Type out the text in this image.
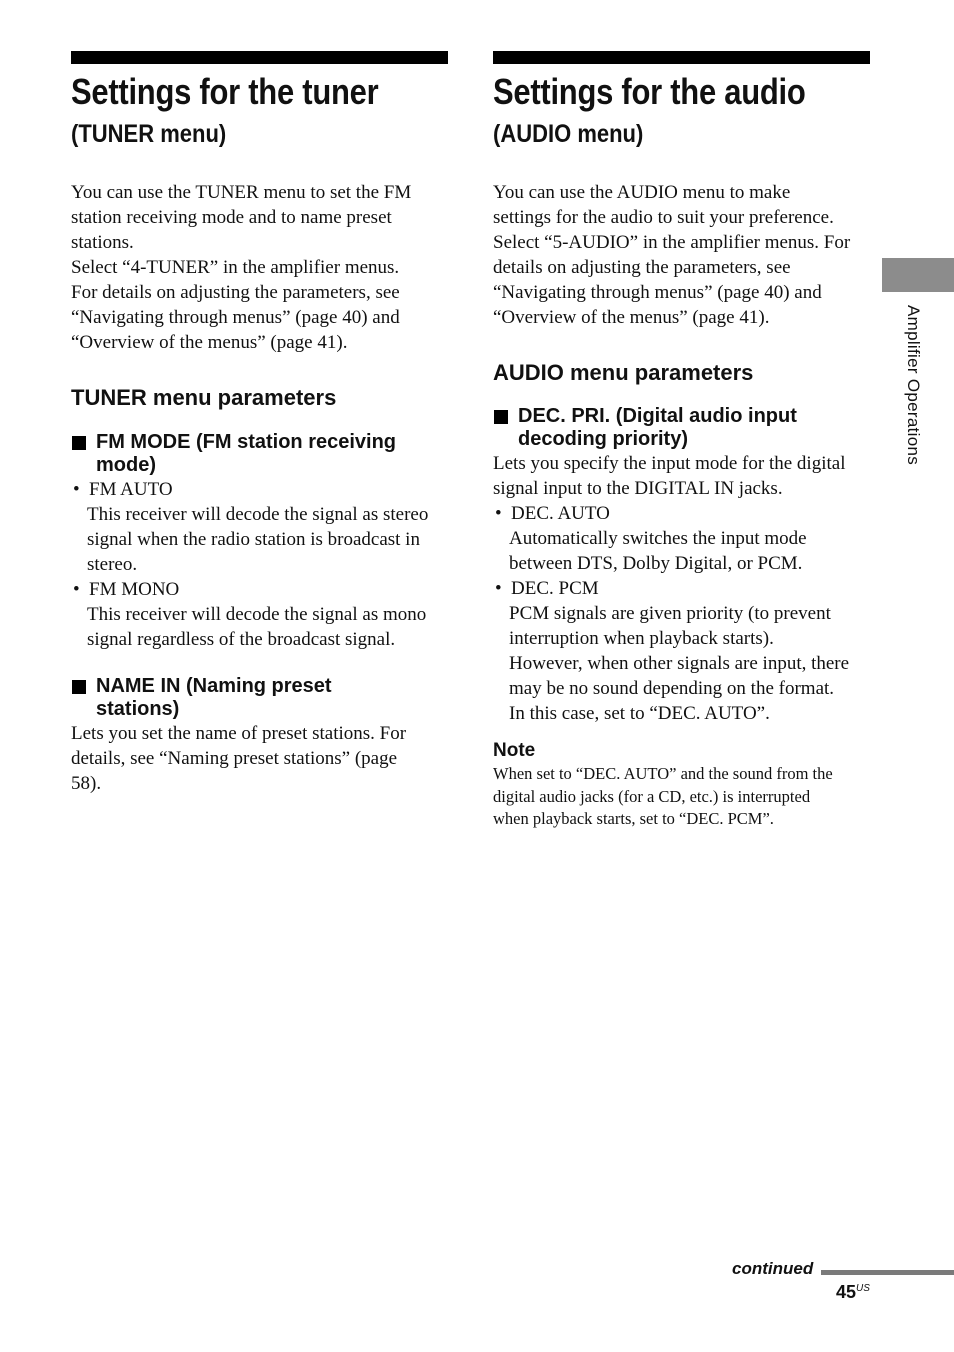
Settings for the tuner
(TUNER menu)
You can use the TUNER menu to set the FM
station receiving mode and to name preset
stations.
Select “4-TUNER” in the amplifier menus.
For details on adjusting the parameters, see
“Navigating through menus” (page 40) and
“Overview of the menus” (page 41).
TUNER menu parameters
FM MODE (FM station receiving
mode)
• FM AUTO
This receiver will decode the signal as stereo
signal when the radio station is broadcast in
stereo.
• FM MONO
This receiver will decode the signal as mono
signal regardless of the broadcast signal.
NAME IN (Naming preset
stations)
Lets you set the name of preset stations. For
details, see “Naming preset stations” (page
58).
Settings for the audio
(AUDIO menu)
You can use the AUDIO menu to make
settings for the audio to suit your preference.
Select “5-AUDIO” in the amplifier menus. For
details on adjusting the parameters, see
“Navigating through menus” (page 40) and
“Overview of the menus” (page 41).
AUDIO menu parameters
DEC. PRI. (Digital audio input
decoding priority)
Lets you specify the input mode for the digital
signal input to the DIGITAL IN jacks.
• DEC. AUTO
Automatically switches the input mode
between DTS, Dolby Digital, or PCM.
• DEC. PCM
PCM signals are given priority (to prevent
interruption when playback starts).
However, when other signals are input, there
may be no sound depending on the format.
In this case, set to “DEC. AUTO”.
Note
When set to “DEC. AUTO” and the sound from the
digital audio jacks (for a CD, etc.) is interrupted
when playback starts, set to “DEC. PCM”.
Amplifier Operations
continued
$45^{US}$
